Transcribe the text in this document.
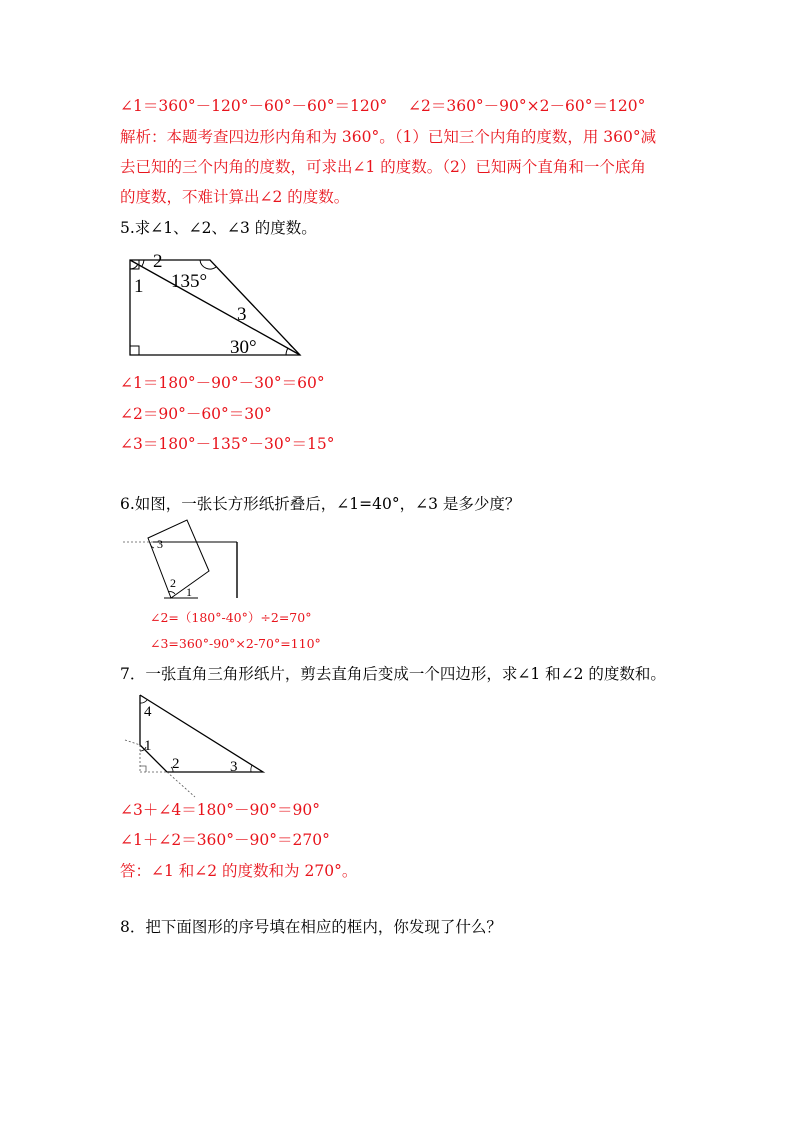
∠1＝360°－120°－60°－60°＝120° ∠2＝360°－90°×2－60°＝120°
解析：本题考查四边形内角和为 360°。（1）已知三个内角的度数，用 360°减
去已知的三个内角的度数，可求出∠1 的度数。（2）已知两个直角和一个底角
的度数，不难计算出∠2 的度数。
5.求∠1、∠2、∠3 的度数。
2
1 135°
3
30°
∠1＝180°－90°－30°＝60°
∠2＝90°－60°＝30°
∠3＝180°－135°－30°＝15°
6.如图，一张长方形纸折叠后，∠1=40°，∠3 是多少度？
3
2
1
∠2=（180°-40°）÷2=70°
∠3=360°-90°×2-70°=110°
7．一张直角三角形纸片，剪去直角后变成一个四边形，求∠1 和∠2 的度数和。
4
1
2	3
∠3＋∠4＝180°－90°＝90°
∠1＋∠2＝360°－90°＝270°
答：∠1 和∠2 的度数和为 270°。
8．把下面图形的序号填在相应的框内，你发现了什么？
